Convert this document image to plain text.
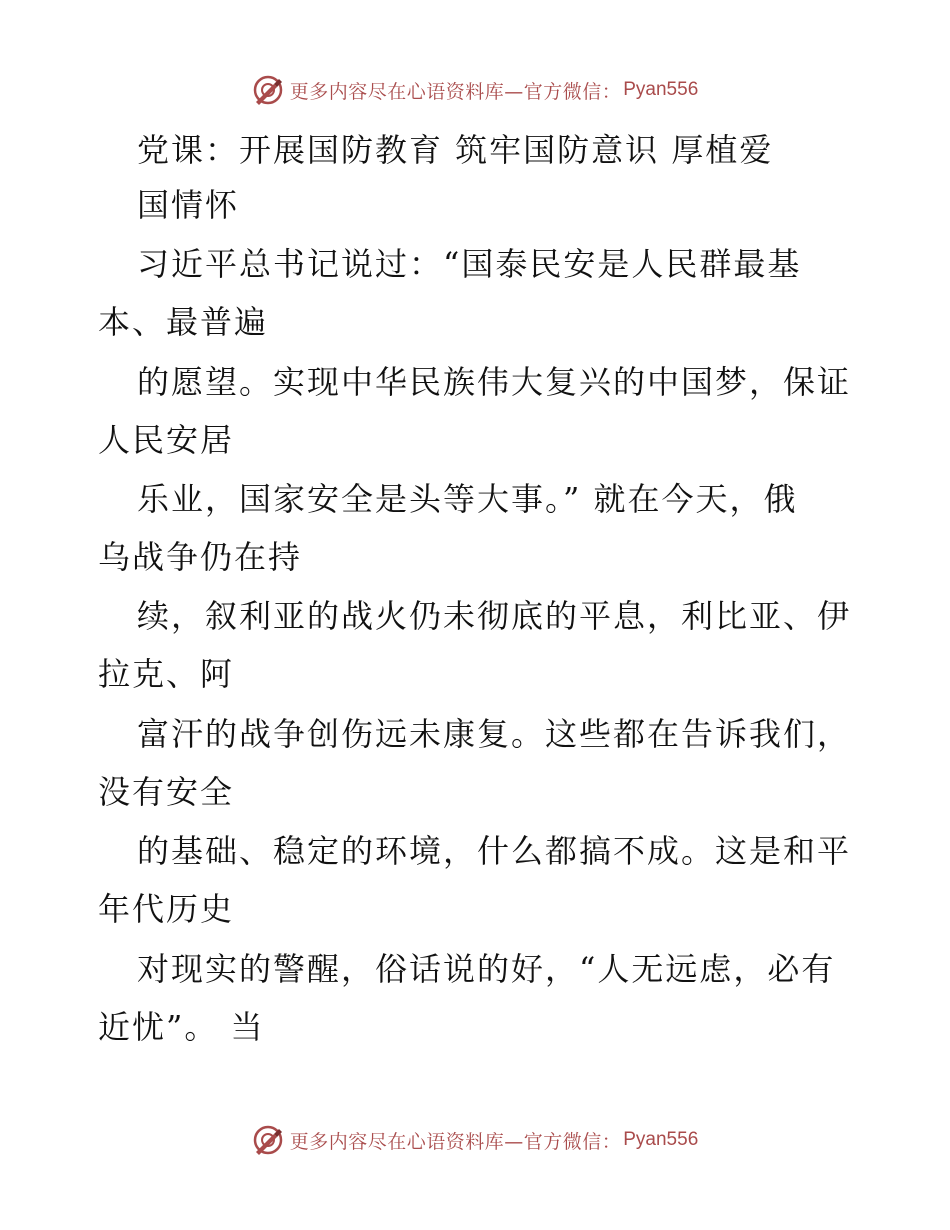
更多内容尽在心语资料库—官方微信： Pyan556
党课：开展国防教育 筑牢国防意识 厚植爱
国情怀
习近平总书记说过：“国泰民安是人民群最基
本、最普遍
的愿望。实现中华民族伟大复兴的中国梦，保证
人民安居
乐业，国家安全是头等大事。” 就在今天，俄
乌战争仍在持
续，叙利亚的战火仍未彻底的平息，利比亚、伊
拉克、阿
富汗的战争创伤远未康复。这些都在告诉我们，
没有安全
的基础、稳定的环境，什么都搞不成。这是和平
年代历史
对现实的警醒，俗话说的好，“人无远虑，必有
近忧”。 当
更多内容尽在心语资料库—官方微信： Pyan556
